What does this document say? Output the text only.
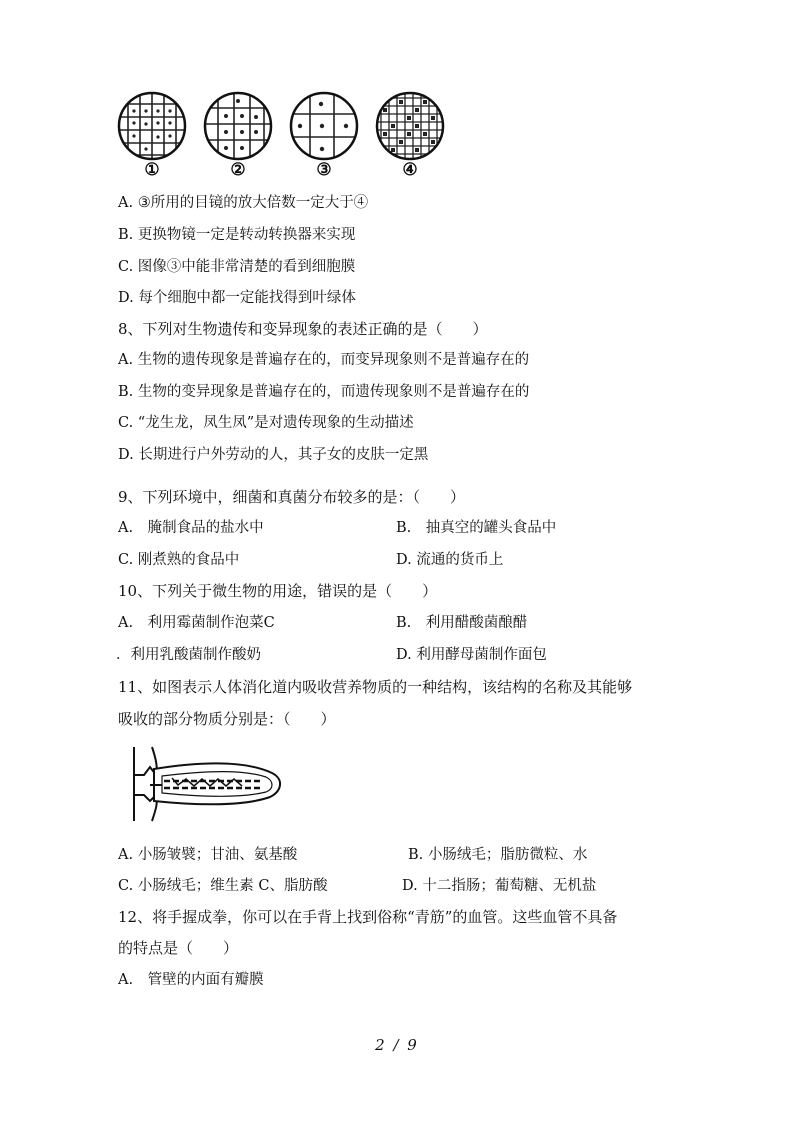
①	②	③	④
A. ③所用的目镜的放大倍数一定大于④
B. 更换物镜一定是转动转换器来实现
C. 图像③中能非常清楚的看到细胞膜
D. 每个细胞中都一定能找得到叶绿体
8、下列对生物遗传和变异现象的表述正确的是（　　）
A. 生物的遗传现象是普遍存在的，而变异现象则不是普遍存在的
B. 生物的变异现象是普遍存在的，而遗传现象则不是普遍存在的
C. “龙生龙，凤生凤”是对遗传现象的生动描述
D. 长期进行户外劳动的人，其子女的皮肤一定黑
9、下列环境中，细菌和真菌分布较多的是：（　　）
A.　腌制食品的盐水中	B.　抽真空的罐头食品中
C. 刚煮熟的食品中	D. 流通的货币上
10、下列关于微生物的用途，错误的是（　　）
A.　利用霉菌制作泡菜C	B.　利用醋酸菌酿醋
．利用乳酸菌制作酸奶	D. 利用酵母菌制作面包
11、如图表示人体消化道内吸收营养物质的一种结构，该结构的名称及其能够
吸收的部分物质分别是：（　　）
A. 小肠皱襞；甘油、氨基酸	B. 小肠绒毛；脂肪微粒、水
C. 小肠绒毛；维生素 C、脂肪酸	D. 十二指肠；葡萄糖、无机盐
12、将手握成拳，你可以在手背上找到俗称“青筋”的血管。这些血管不具备
的特点是（　　）
A.　管壁的内面有瓣膜
2 / 9
